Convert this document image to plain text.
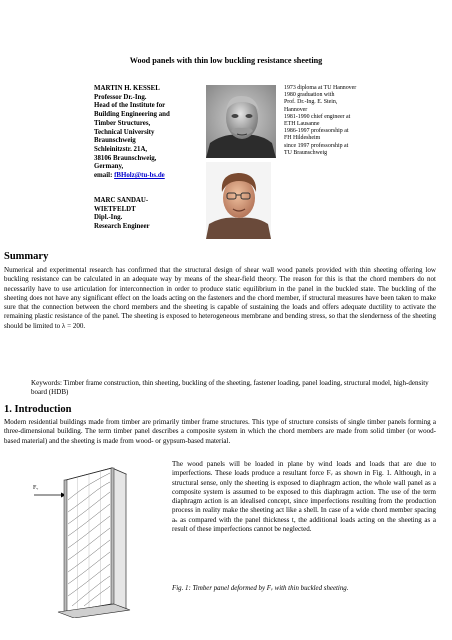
Wood panels with thin low buckling resistance sheeting
MARTIN H. KESSEL
Professor Dr.-Ing.
Head of the Institute for
Building Engineering and
Timber Structures,
Technical University
Braunschweig
Schleinitzstr. 21A,
38106 Braunschweig,
Germany,
email: fBHolz@tu-bs.de
MARC SANDAU-
WIETFELDT
Dipl.-Ing.
Research Engineer
1973 diploma at TU Hannover
1980 graduation with
Prof. Dr.-Ing. E. Stein,
Hannover
1981-1990 chief engineer at
ETH Lausanne
1986-1997 professorship at
FH Hildesheim
since 1997 professorship at
TU Braunschweig
Summary
Numerical and experimental research has confirmed that the structural design of shear wall wood panels provided with thin sheeting offering low buckling resistance can be calculated in an adequate way by means of the shear-field theory. The reason for this is that the chord members do not necessarily have to use articulation for interconnection in order to produce static equilibrium in the panel in the buckled state. The buckling of the sheeting does not have any significant effect on the loads acting on the fasteners and the chord member, if structural measures have been taken to make sure that the connection between the chord members and the sheeting is capable of sustaining the loads and offers adequate ductility to activate the remaining plastic resistance of the panel. The sheeting is exposed to heterogeneous membrane and bending stress, so that the slenderness of the sheeting should be limited to λ = 200.
Keywords: Timber frame construction, thin sheeting, buckling of the sheeting, fastener loading, panel loading, structural model, high-density board (HDB)
1. Introduction
Modern residential buildings made from timber are primarily timber frame structures. This type of structure consists of single timber panels forming a three-dimensional building. The term timber panel describes a composite system in which the chord members are made from solid timber (or wood-based material) and the sheeting is made from wood- or gypsum-based material.
Fᵥ
The wood panels will be loaded in plane by wind loads and loads that are due to imperfections. These loads produce a resultant force Fᵥ as shown in Fig. 1. Although, in a structural sense, only the sheeting is exposed to diaphragm action, the whole wall panel as a composite system is assumed to be exposed to this diaphragm action. The use of the term diaphragm action is an idealised concept, since imperfections resulting from the production process in reality make the sheeting act like a shell. In case of a wide chord member spacing aₛ as compared with the panel thickness t, the additional loads acting on the sheeting as a result of these imperfections cannot be neglected.
Fig. 1: Timber panel deformed by Fᵥ with thin buckled sheeting.
